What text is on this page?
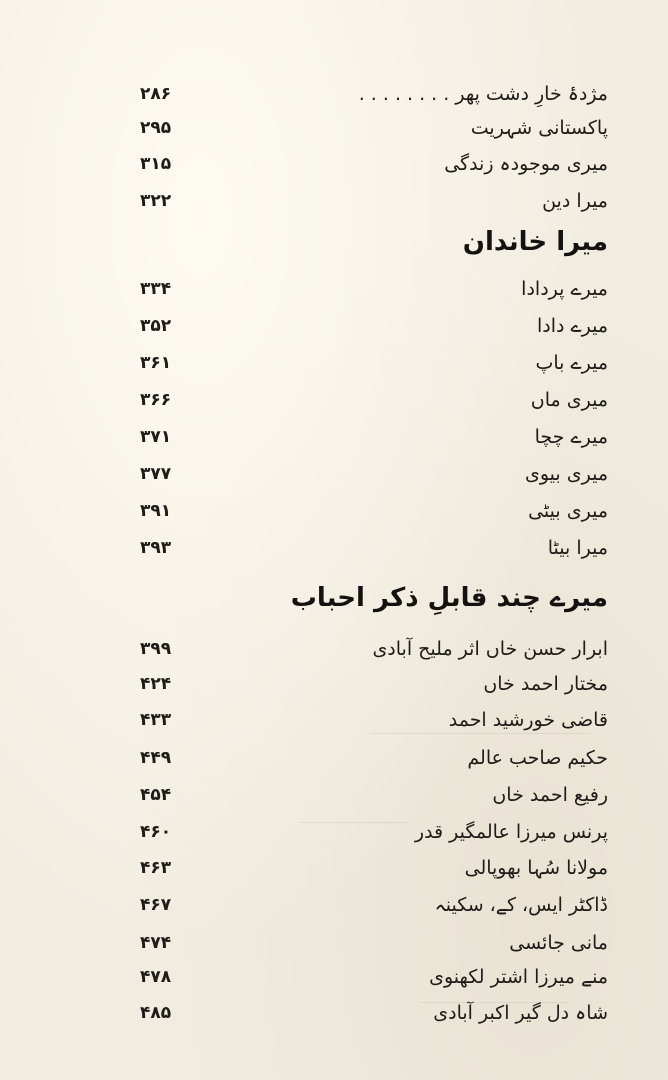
مژدۂ خارِ دشت پھر . . . . . . . .
۲۸۶
پاکستانی شہریت
۲۹۵
میری موجودہ زندگی
۳۱۵
میرا دین
۳۲۲
میرا خاندان
میرے پردادا
۳۳۴
میرے دادا
۳۵۲
میرے باپ
۳۶۱
میری ماں
۳۶۶
میرے چچا
۳۷۱
میری بیوی
۳۷۷
میری بیٹی
۳۹۱
میرا بیٹا
۳۹۳
میرے چند قابلِ ذکر احباب
ابرار حسن خاں اثر ملیح آبادی
۳۹۹
مختار احمد خاں
۴۲۴
قاضی خورشید احمد
۴۳۳
حکیم صاحب عالم
۴۴۹
رفیع احمد خاں
۴۵۴
پرنس میرزا عالمگیر قدر
۴۶۰
مولانا سُہا بھوپالی
۴۶۳
ڈاکٹر ایس، کے، سکینہ
۴۶۷
مانی جائسی
۴۷۴
منے میرزا اشتر لکھنوی
۴۷۸
شاہ دل گیر اکبر آبادی
۴۸۵
